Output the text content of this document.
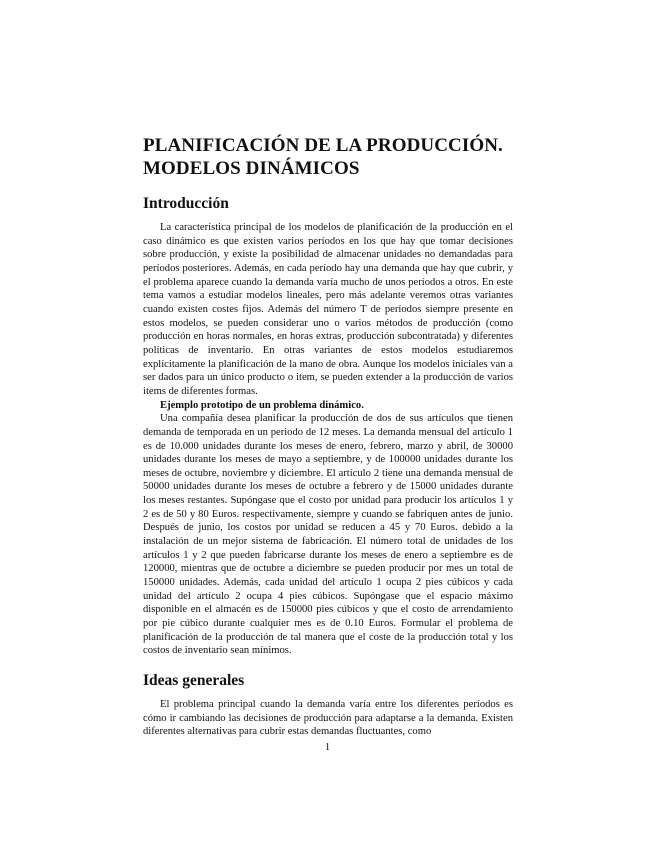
PLANIFICACIÓN DE LA PRODUCCIÓN.
MODELOS DINÁMICOS
Introducción

La característica principal de los modelos de planificación de la producción en el caso dinámico es que existen varios períodos en los que hay que tomar decisiones sobre producción, y existe la posibilidad de almacenar unidades no demandadas para períodos posteriores. Además, en cada período hay una demanda que hay que cubrir, y el problema aparece cuando la demanda varía mucho de unos períodos a otros. En este tema vamos a estudiar modelos lineales, pero más adelante veremos otras variantes cuando existen costes fijos. Además del número T de períodos siempre presente en estos modelos, se pueden considerar uno o varios métodos de producción (como producción en horas normales, en horas extras, producción subcontratada) y diferentes políticas de inventario. En otras variantes de estos modelos estudiaremos explícitamente la planificación de la mano de obra. Aunque los modelos iniciales van a ser dados para un único producto o item, se pueden extender a la producción de varios items de diferentes formas.

Ejemplo prototipo de un problema dinámico.

Una compañía desea planificar la producción de dos de sus artículos que tienen demanda de temporada en un periodo de 12 meses. La demanda mensual del artículo 1 es de 10.000 unidades durante los meses de enero, febrero, marzo y abril, de 30000 unidades durante los meses de mayo a septiembre, y de 100000 unidades durante los meses de octubre, noviembre y diciembre. El artículo 2 tiene una demanda mensual de 50000 unidades durante los meses de octubre a febrero y de 15000 unidades durante los meses restantes. Supóngase que el costo por unidad para producir los artículos 1 y 2 es de 50 y 80 Euros. respectivamente, siempre y cuando se fabriquen antes de junio. Después de junio, los costos por unidad se reducen a 45 y 70 Euros. debido a la instalación de un mejor sistema de fabricación. El número total de unidades de los artículos 1 y 2 que pueden fabricarse durante los meses de enero a septiembre es de 120000, mientras que de octubre a diciembre se pueden producir por mes un total de 150000 unidades. Además, cada unidad del artículo 1 ocupa 2 pies cúbicos y cada unidad del artículo 2 ocupa 4 pies cúbicos. Supóngase que el espacio máximo disponible en el almacén es de 150000 pies cúbicos y que el costo de arrendamiento por pie cúbico durante cualquier mes es de 0.10 Euros. Formular el problema de planificación de la producción de tal manera que el coste de la producción total y los costos de inventario sean mínimos.

Ideas generales

El problema principal cuando la demanda varía entre los diferentes períodos es cómo ir cambiando las decisiones de producción para adaptarse a la demanda. Existen diferentes alternativas para cubrir estas demandas fluctuantes, como

1
